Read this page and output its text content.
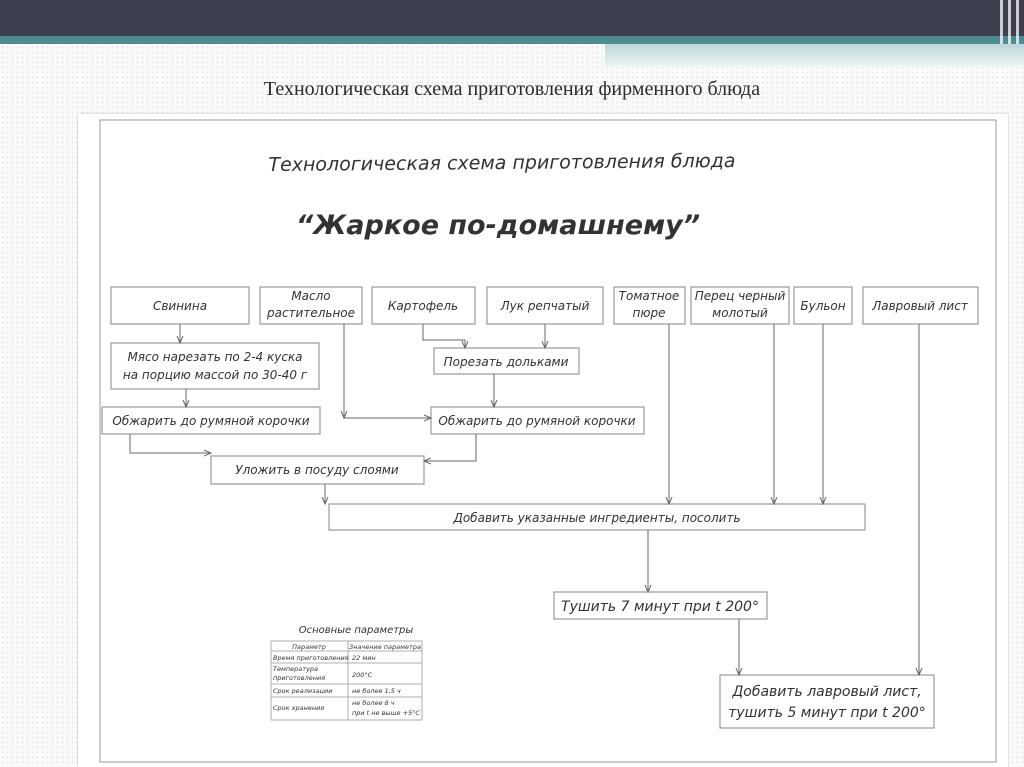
Технологическая схема приготовления фирменного блюда
Технологическая схема приготовления блюда
“Жаркое по-домашнему”
Свинина
Масло
растительное	Картофель	Лук репчатый
Томатное
пюре
Перец черный
молотый	Бульон Лавровый лист
Мясо нарезать по 2-4 куска
на порцию массой по 30-40 г
Порезать дольками
Обжарить до румяной корочки	Обжарить до румяной корочки
Уложить в посуду слоями
Добавить указанные ингредиенты, посолить
Тушить 7 минут при t 200°
Добавить лавровый лист,
тушить 5 минут при t 200°
Основные параметры
Параметр	Значение параметра
Время приготовления 22 мин
Температура
приготовления	200°С
Срок реализации	не более 1,5 ч
Срок хранения
не более 8 ч
при t не выше +5°С
